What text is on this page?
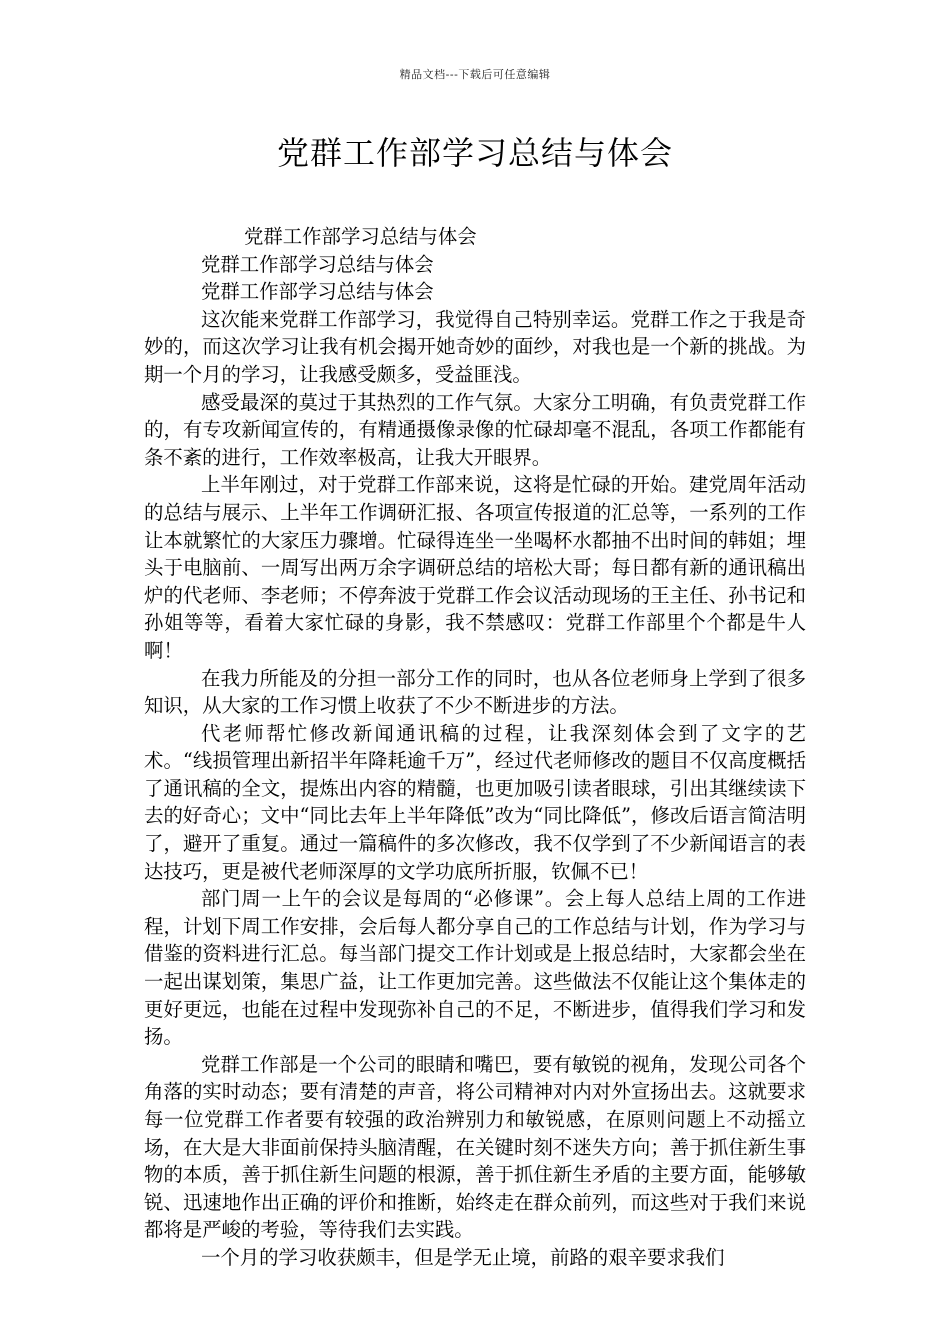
精品文档---下载后可任意编辑
党群工作部学习总结与体会

党群工作部学习总结与体会

党群工作部学习总结与体会

党群工作部学习总结与体会

这次能来党群工作部学习，我觉得自己特别幸运。党群工作之于我是奇妙的，而这次学习让我有机会揭开她奇妙的面纱，对我也是一个新的挑战。为期一个月的学习，让我感受颇多，受益匪浅。

感受最深的莫过于其热烈的工作气氛。大家分工明确，有负责党群工作的，有专攻新闻宣传的，有精通摄像录像的忙碌却毫不混乱，各项工作都能有条不紊的进行，工作效率极高，让我大开眼界。

上半年刚过，对于党群工作部来说，这将是忙碌的开始。建党周年活动的总结与展示、上半年工作调研汇报、各项宣传报道的汇总等，一系列的工作让本就繁忙的大家压力骤增。忙碌得连坐一坐喝杯水都抽不出时间的韩姐；埋头于电脑前、一周写出两万余字调研总结的培松大哥；每日都有新的通讯稿出炉的代老师、李老师；不停奔波于党群工作会议活动现场的王主任、孙书记和孙姐等等，看着大家忙碌的身影，我不禁感叹：党群工作部里个个都是牛人啊！

在我力所能及的分担一部分工作的同时，也从各位老师身上学到了很多知识，从大家的工作习惯上收获了不少不断进步的方法。

代老师帮忙修改新闻通讯稿的过程，让我深刻体会到了文字的艺术。“线损管理出新招半年降耗逾千万”，经过代老师修改的题目不仅高度概括了通讯稿的全文，提炼出内容的精髓，也更加吸引读者眼球，引出其继续读下去的好奇心；文中“同比去年上半年降低”改为“同比降低”，修改后语言简洁明了，避开了重复。通过一篇稿件的多次修改，我不仅学到了不少新闻语言的表达技巧，更是被代老师深厚的文学功底所折服，钦佩不已！

部门周一上午的会议是每周的“必修课”。会上每人总结上周的工作进程，计划下周工作安排，会后每人都分享自己的工作总结与计划，作为学习与借鉴的资料进行汇总。每当部门提交工作计划或是上报总结时，大家都会坐在一起出谋划策，集思广益，让工作更加完善。这些做法不仅能让这个集体走的更好更远，也能在过程中发现弥补自己的不足，不断进步，值得我们学习和发扬。

党群工作部是一个公司的眼睛和嘴巴，要有敏锐的视角，发现公司各个角落的实时动态；要有清楚的声音，将公司精神对内对外宣扬出去。这就要求每一位党群工作者要有较强的政治辨别力和敏锐感，在原则问题上不动摇立场，在大是大非面前保持头脑清醒，在关键时刻不迷失方向；善于抓住新生事物的本质，善于抓住新生问题的根源，善于抓住新生矛盾的主要方面，能够敏锐、迅速地作出正确的评价和推断，始终走在群众前列，而这些对于我们来说都将是严峻的考验，等待我们去实践。

一个月的学习收获颇丰，但是学无止境，前路的艰辛要求我们
